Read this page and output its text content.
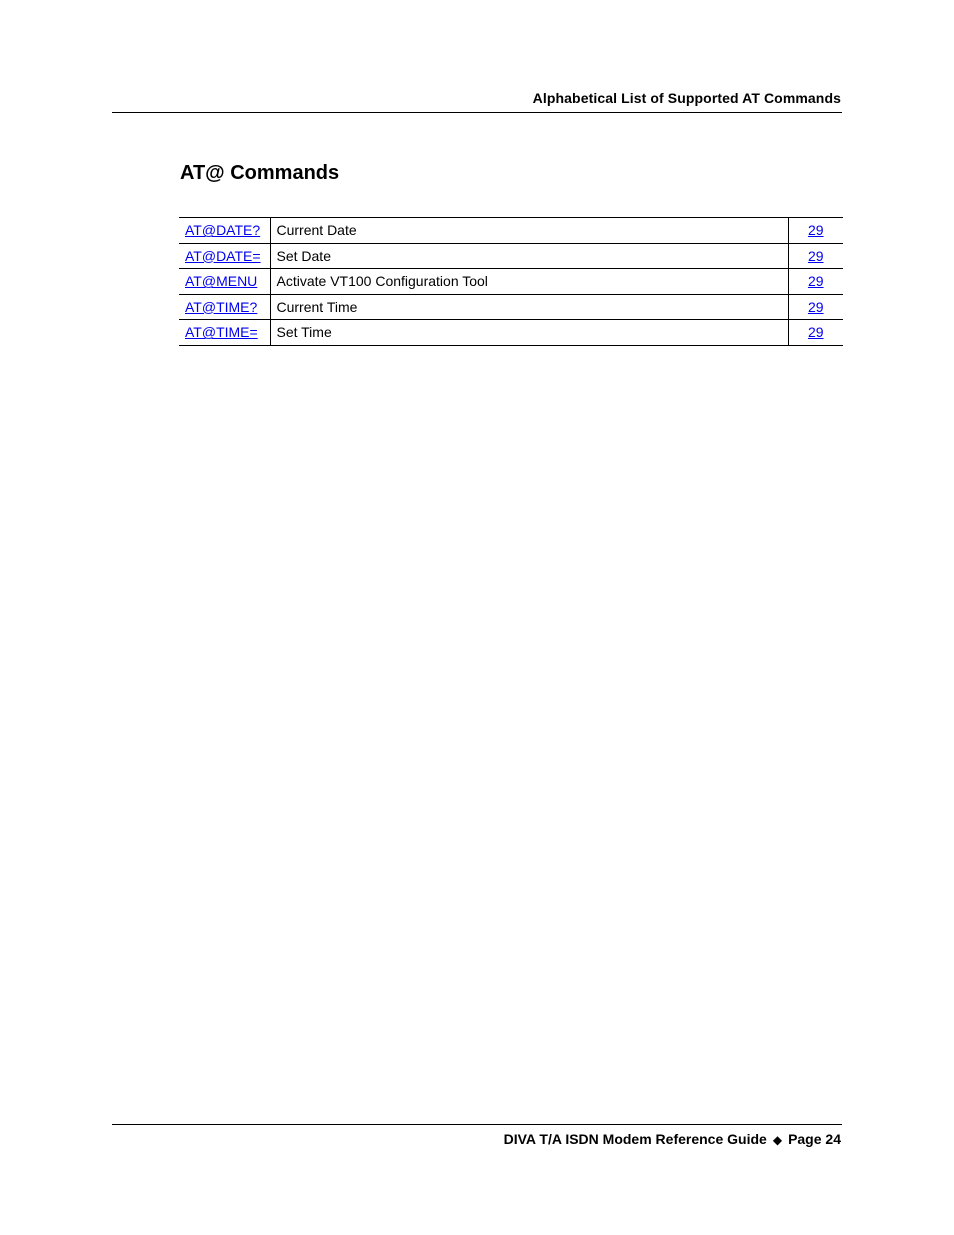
Alphabetical List of Supported AT Commands
AT@ Commands
AT@DATE?	Current Date	29
AT@DATE=	Set Date	29
AT@MENU	Activate VT100 Configuration Tool	29
AT@TIME?	Current Time	29
AT@TIME=	Set Time	29
DIVA T/A ISDN Modem Reference Guide ◆ Page 24
